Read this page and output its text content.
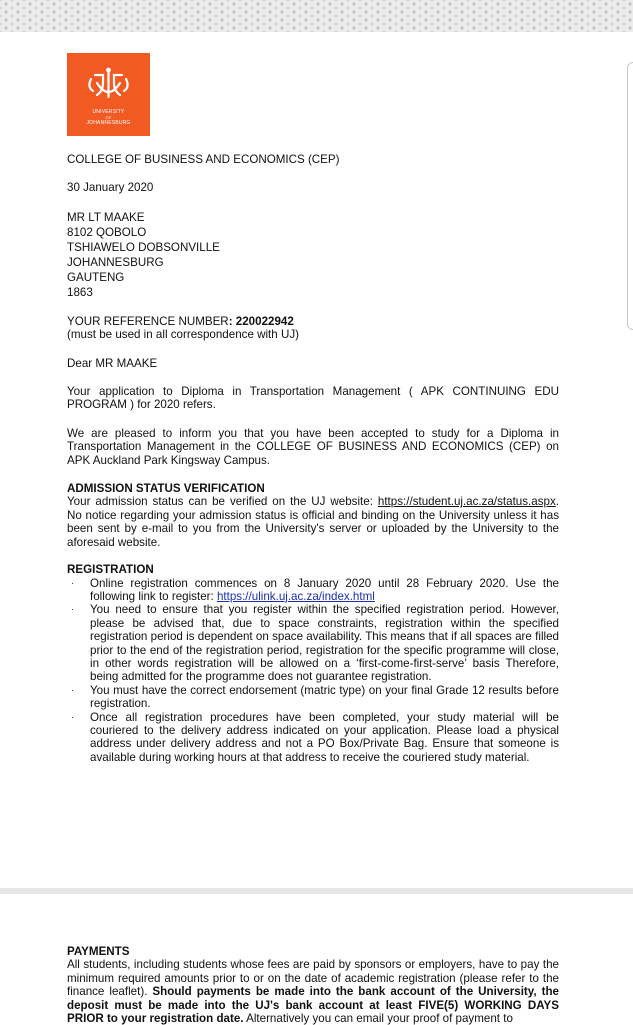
UNIVERSITY
OF
JOHANNESBURG

COLLEGE OF BUSINESS AND ECONOMICS (CEP)

30 January 2020

MR LT MAAKE
8102 QOBOLO
TSHIAWELO DOBSONVILLE
JOHANNESBURG
GAUTENG
1863

YOUR REFERENCE NUMBER: 220022942
(must be used in all correspondence with UJ)

Dear MR MAAKE

Your application to Diploma in Transportation Management ( APK CONTINUING EDU PROGRAM ) for 2020 refers.

We are pleased to inform you that you have been accepted to study for a Diploma in Transportation Management in the COLLEGE OF BUSINESS AND ECONOMICS (CEP) on APK Auckland Park Kingsway Campus.

ADMISSION STATUS VERIFICATION
Your admission status can be verified on the UJ website: https://student.uj.ac.za/status.aspx. No notice regarding your admission status is official and binding on the University unless it has been sent by e-mail to you from the University's server or uploaded by the University to the aforesaid website.
REGISTRATION
· Online registration commences on 8 January 2020 until 28 February 2020. Use the following link to register: https://ulink.uj.ac.za/index.html
· You need to ensure that you register within the specified registration period. However, please be advised that, due to space constraints, registration within the specified registration period is dependent on space availability. This means that if all spaces are filled prior to the end of the registration period, registration for the specific programme will close, in other words registration will be allowed on a ‘first-come-first-serve’ basis Therefore, being admitted for the programme does not guarantee registration.
· You must have the correct endorsement (matric type) on your final Grade 12 results before registration.
· Once all registration procedures have been completed, your study material will be couriered to the delivery address indicated on your application. Please load a physical address under delivery address and not a PO Box/Private Bag. Ensure that someone is available during working hours at that address to receive the couriered study material.
PAYMENTS
All students, including students whose fees are paid by sponsors or employers, have to pay the minimum required amounts prior to or on the date of academic registration (please refer to the finance leaflet). Should payments be made into the bank account of the University, the deposit must be made into the UJ's bank account at least FIVE(5) WORKING DAYS PRIOR to your registration date. Alternatively you can email your proof of payment to
